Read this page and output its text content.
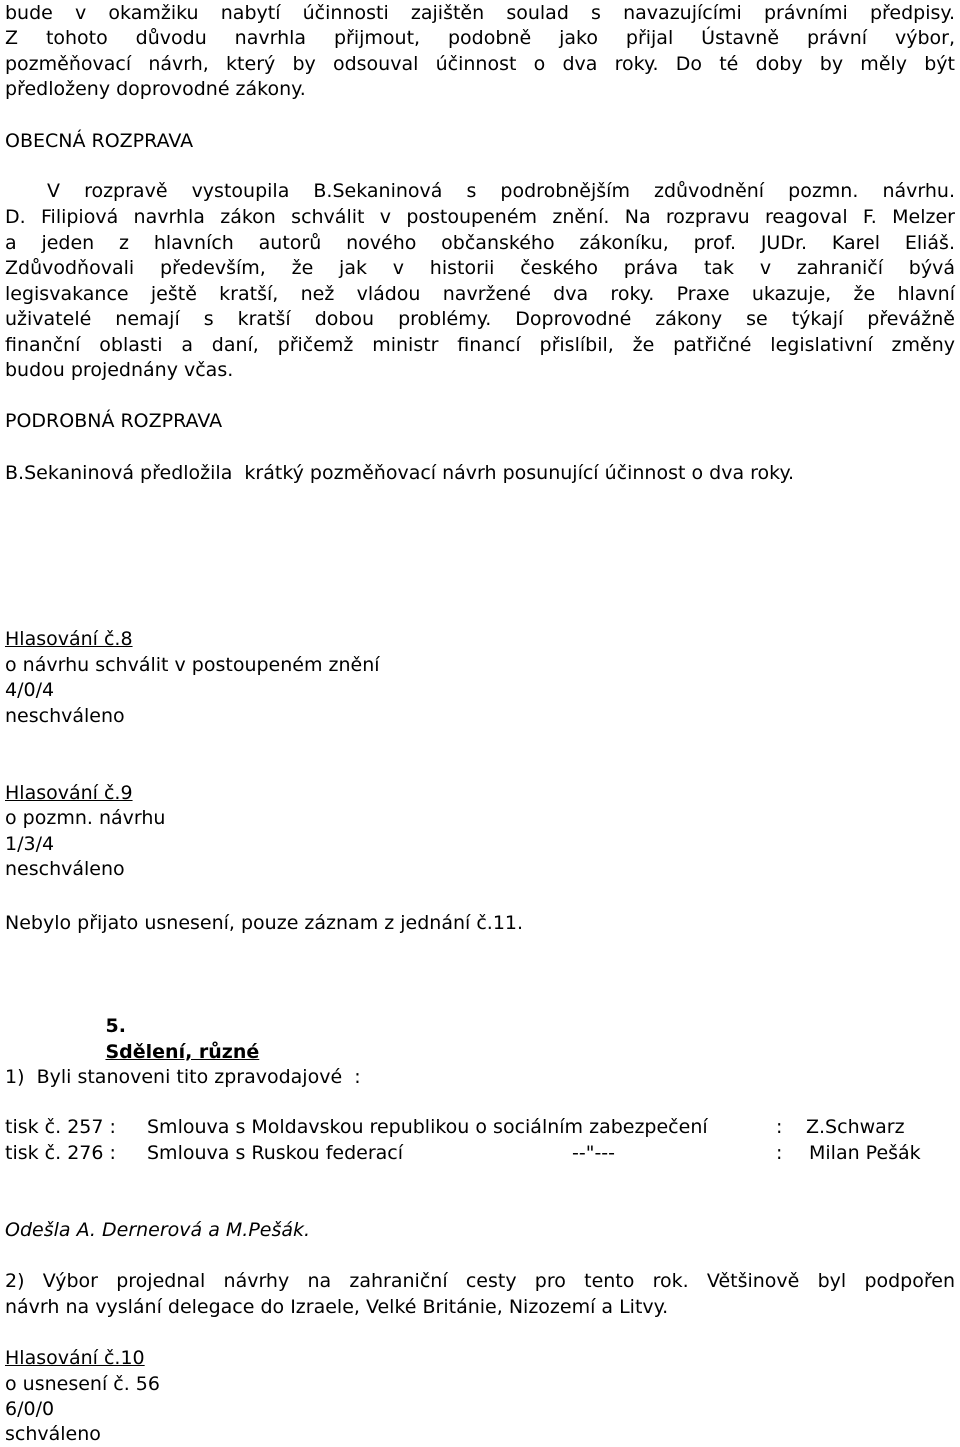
bude v okamžiku nabytí účinnosti zajištěn soulad s navazujícími právními předpisy.
Z tohoto důvodu navrhla přijmout, podobně jako přijal Ústavně právní výbor,
pozměňovací návrh, který by odsouval účinnost o dva roky. Do té doby by měly být
předloženy doprovodné zákony.
OBECNÁ ROZPRAVA
V rozpravě vystoupila B.Sekaninová s podrobnějším zdůvodnění pozmn. návrhu.
D. Filipiová navrhla zákon schválit v postoupeném znění. Na rozpravu reagoval F. Melzer
a jeden z hlavních autorů nového občanského zákoníku, prof. JUDr. Karel Eliáš.
Zdůvodňovali především, že jak v historii českého práva tak v zahraničí bývá
legisvakance ještě kratší, než vládou navržené dva roky. Praxe ukazuje, že hlavní
uživatelé nemají s kratší dobou problémy. Doprovodné zákony se týkají převážně
finanční oblasti a daní, přičemž ministr financí přislíbil, že patřičné legislativní změny
budou projednány včas.
PODROBNÁ ROZPRAVA
B.Sekaninová předložila  krátký pozměňovací návrh posunující účinnost o dva roky.
Hlasování č.8
o návrhu schválit v postoupeném znění
4/0/4
neschváleno
Hlasování č.9
o pozmn. návrhu
1/3/4
neschváleno
Nebylo přijato usnesení, pouze záznam z jednání č.11.

5.
Sdělení, různé

1)  Byli stanoveni tito zpravodajové  :
tisk č. 257 : Smlouva s Moldavskou republikou o sociálním zabezpečení	: Z.Schwarz
tisk č. 276 : Smlouva s Ruskou federací	--"---	: Milan Pešák
Odešla A. Dernerová a M.Pešák.
2) Výbor projednal návrhy na zahraniční cesty pro tento rok. Většinově byl podpořen
návrh na vyslání delegace do Izraele, Velké Británie, Nizozemí a Litvy.
Hlasování č.10
o usnesení č. 56
6/0/0
schváleno
